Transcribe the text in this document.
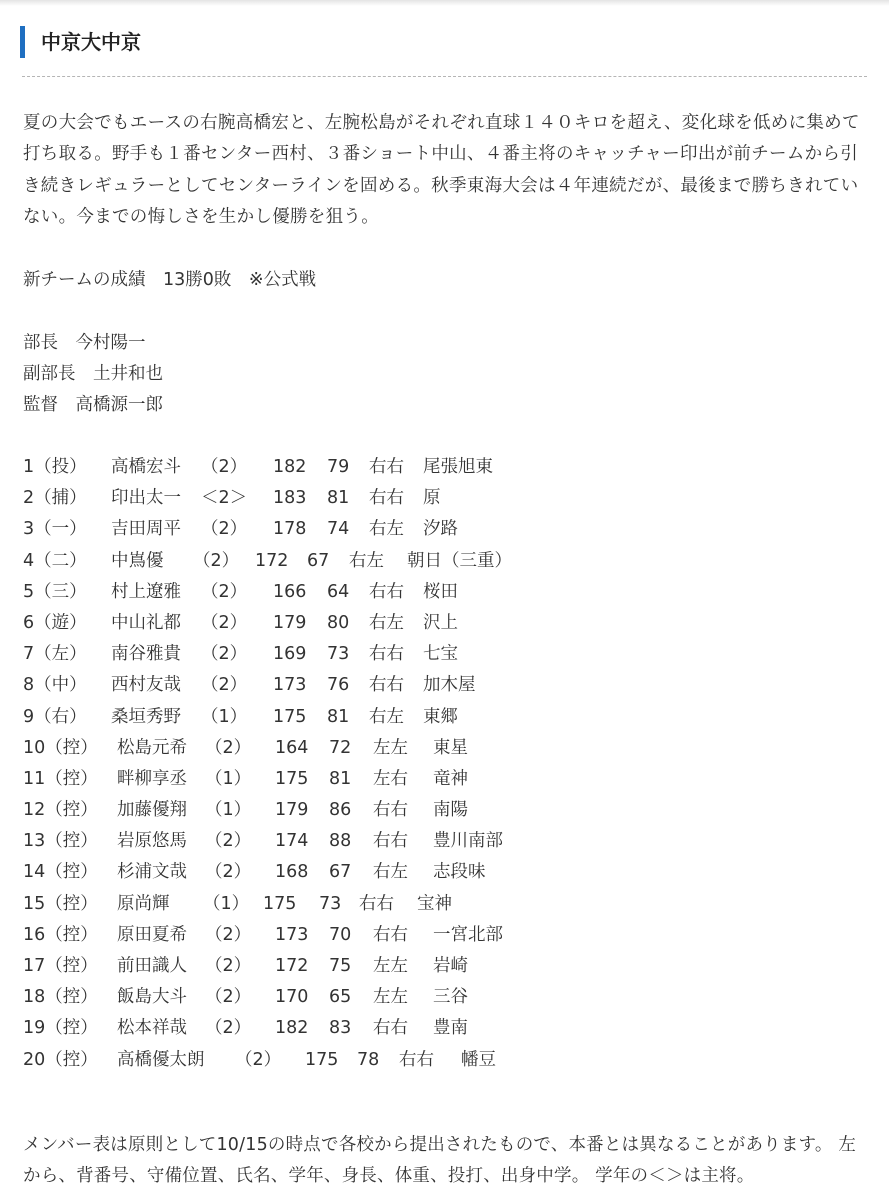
中京大中京

夏の大会でもエースの右腕高橋宏と、左腕松島がそれぞれ直球１４０キロを超え、変化球を低めに集めて打ち取る。野手も１番センター西村、３番ショート中山、４番主将のキャッチャー印出が前チームから引き続きレギュラーとしてセンターラインを固める。秋季東海大会は４年連続だが、最後まで勝ちきれていない。今までの悔しさを生かし優勝を狙う。

新チームの成績　13勝0敗　※公式戦
部長　今村陽一
副部長　土井和也
監督　高橋源一郎
1（投） 高橋宏斗 （2） 182 79 右右 尾張旭東
2（捕） 印出太一 ＜2＞ 183 81 右右 原
3（一） 吉田周平 （2） 178 74 右左 汐路
4（二） 中嶌優 （2） 172 67 右左 朝日（三重）
5（三） 村上遼雅 （2） 166 64 右右 桜田
6（遊） 中山礼都 （2） 179 80 右左 沢上
7（左） 南谷雅貴 （2） 169 73 右右 七宝
8（中） 西村友哉 （2） 173 76 右右 加木屋
9（右） 桑垣秀野 （1） 175 81 右左 東郷
10（控） 松島元希 （2） 164 72 左左 東星
11（控） 畔柳享丞 （1） 175 81 左右 竜神
12（控） 加藤優翔 （1） 179 86 右右 南陽
13（控） 岩原悠馬 （2） 174 88 右右 豊川南部
14（控） 杉浦文哉 （2） 168 67 右左 志段味
15（控） 原尚輝 （1） 175 73 右右 宝神
16（控） 原田夏希 （2） 173 70 右右 一宮北部
17（控） 前田識人 （2） 172 75 左左 岩崎
18（控） 飯島大斗 （2） 170 65 左左 三谷
19（控） 松本祥哉 （2） 182 83 右右 豊南
20（控） 高橋優太朗 （2） 175 78 右右 幡豆

メンバー表は原則として10/15の時点で各校から提出されたもので、本番とは異なることがあります。 左から、背番号、守備位置、氏名、学年、身長、体重、投打、出身中学。 学年の＜＞は主将。
